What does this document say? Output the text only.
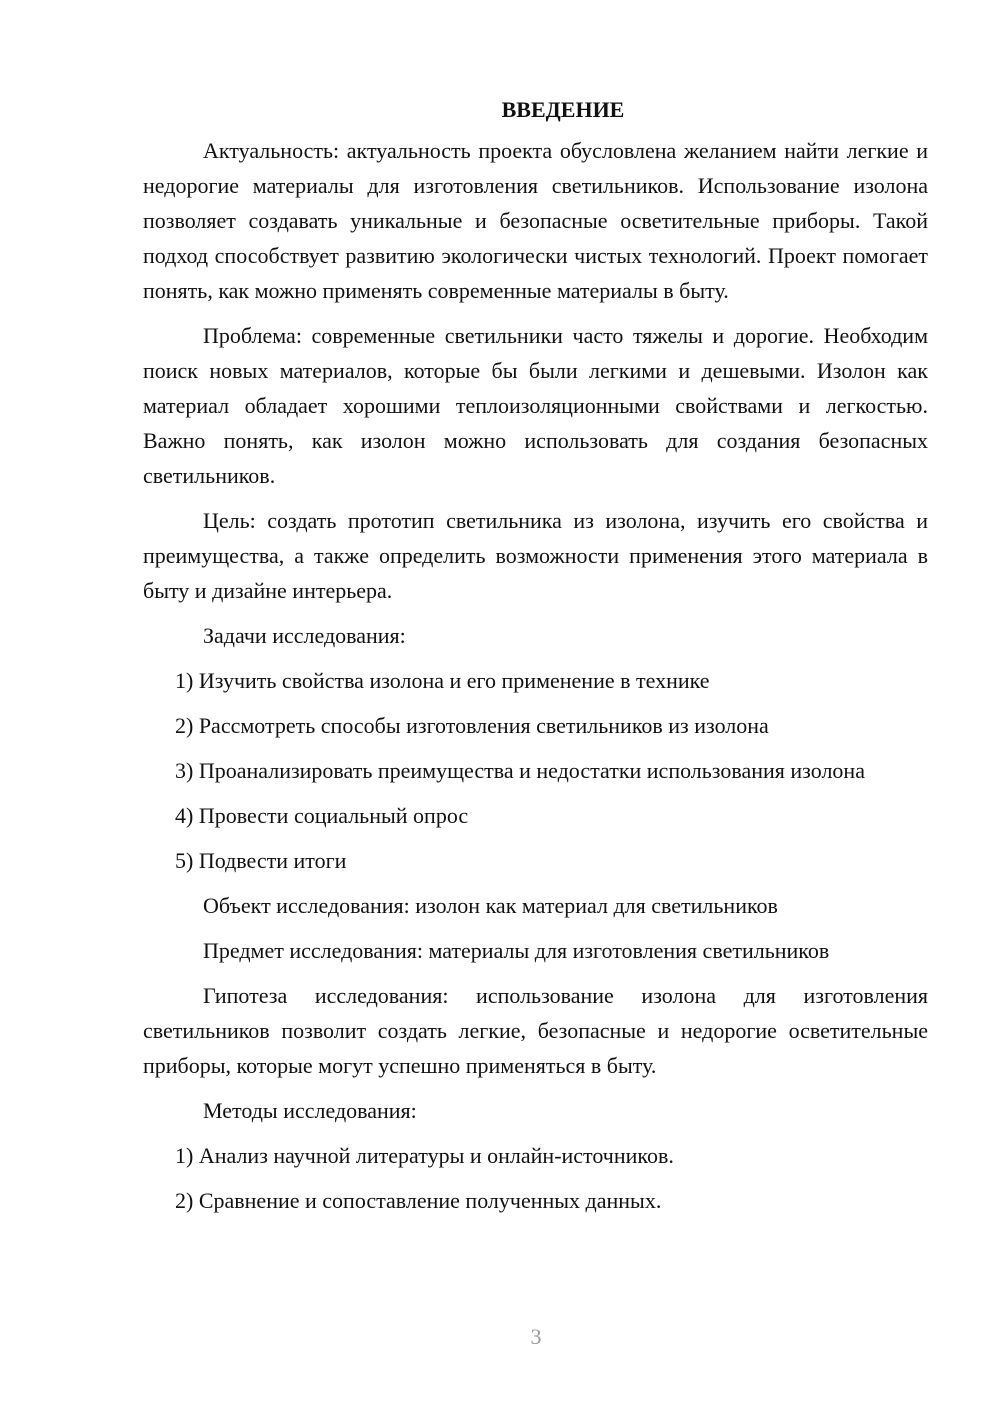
ВВЕДЕНИЕ

Актуальность: актуальность проекта обусловлена желанием найти легкие и недорогие материалы для изготовления светильников. Использование изолона позволяет создавать уникальные и безопасные осветительные приборы. Такой подход способствует развитию экологически чистых технологий. Проект помогает понять, как можно применять современные материалы в быту.

Проблема: современные светильники часто тяжелы и дорогие. Необходим поиск новых материалов, которые бы были легкими и дешевыми. Изолон как материал обладает хорошими теплоизоляционными свойствами и легкостью. Важно понять, как изолон можно использовать для создания безопасных светильников.

Цель: создать прототип светильника из изолона, изучить его свойства и преимущества, а также определить возможности применения этого материала в быту и дизайне интерьера.

Задачи исследования:

1) Изучить свойства изолона и его применение в технике

2) Рассмотреть способы изготовления светильников из изолона

3) Проанализировать преимущества и недостатки использования изолона

4) Провести социальный опрос

5) Подвести итоги

Объект исследования: изолон как материал для светильников

Предмет исследования: материалы для изготовления светильников

Гипотеза исследования: использование изолона для изготовления светильников позволит создать легкие, безопасные и недорогие осветительные приборы, которые могут успешно применяться в быту.

Методы исследования:

1) Анализ научной литературы и онлайн-источников.

2) Сравнение и сопоставление полученных данных.

3
